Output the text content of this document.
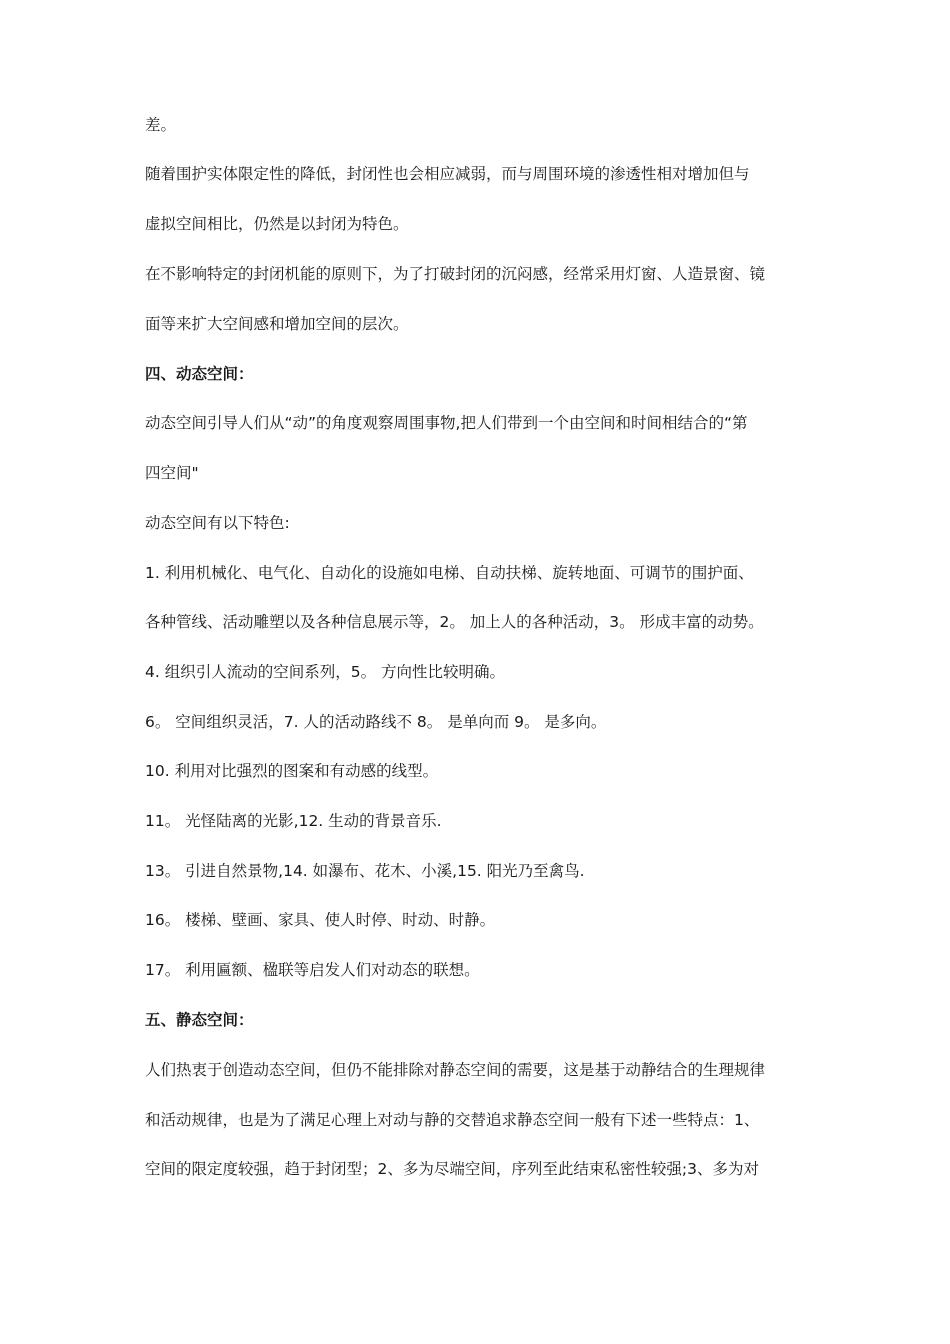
差。
随着围护实体限定性的降低，封闭性也会相应减弱，而与周围环境的渗透性相对增加但与
虚拟空间相比，仍然是以封闭为特色。
在不影响特定的封闭机能的原则下，为了打破封闭的沉闷感，经常采用灯窗、人造景窗、镜
面等来扩大空间感和增加空间的层次。
四、动态空间：
动态空间引导人们从“动”的角度观察周围事物,把人们带到一个由空间和时间相结合的“第
四空间"
动态空间有以下特色:
1. 利用机械化、电气化、自动化的设施如电梯、自动扶梯、旋转地面、可调节的围护面、
各种管线、活动雕塑以及各种信息展示等，2。 加上人的各种活动，3。 形成丰富的动势。
4. 组织引人流动的空间系列，5。 方向性比较明确。
6。 空间组织灵活，7. 人的活动路线不 8。 是单向而 9。 是多向。
10. 利用对比强烈的图案和有动感的线型。
11。 光怪陆离的光影,12. 生动的背景音乐.
13。 引进自然景物,14. 如瀑布、花木、小溪,15. 阳光乃至禽鸟.
16。 楼梯、壁画、家具、使人时停、时动、时静。
17。 利用匾额、楹联等启发人们对动态的联想。
五、静态空间：
人们热衷于创造动态空间，但仍不能排除对静态空间的需要，这是基于动静结合的生理规律
和活动规律，也是为了满足心理上对动与静的交替追求静态空间一般有下述一些特点：1、
空间的限定度较强，趋于封闭型；2、多为尽端空间，序列至此结束私密性较强;3、多为对
